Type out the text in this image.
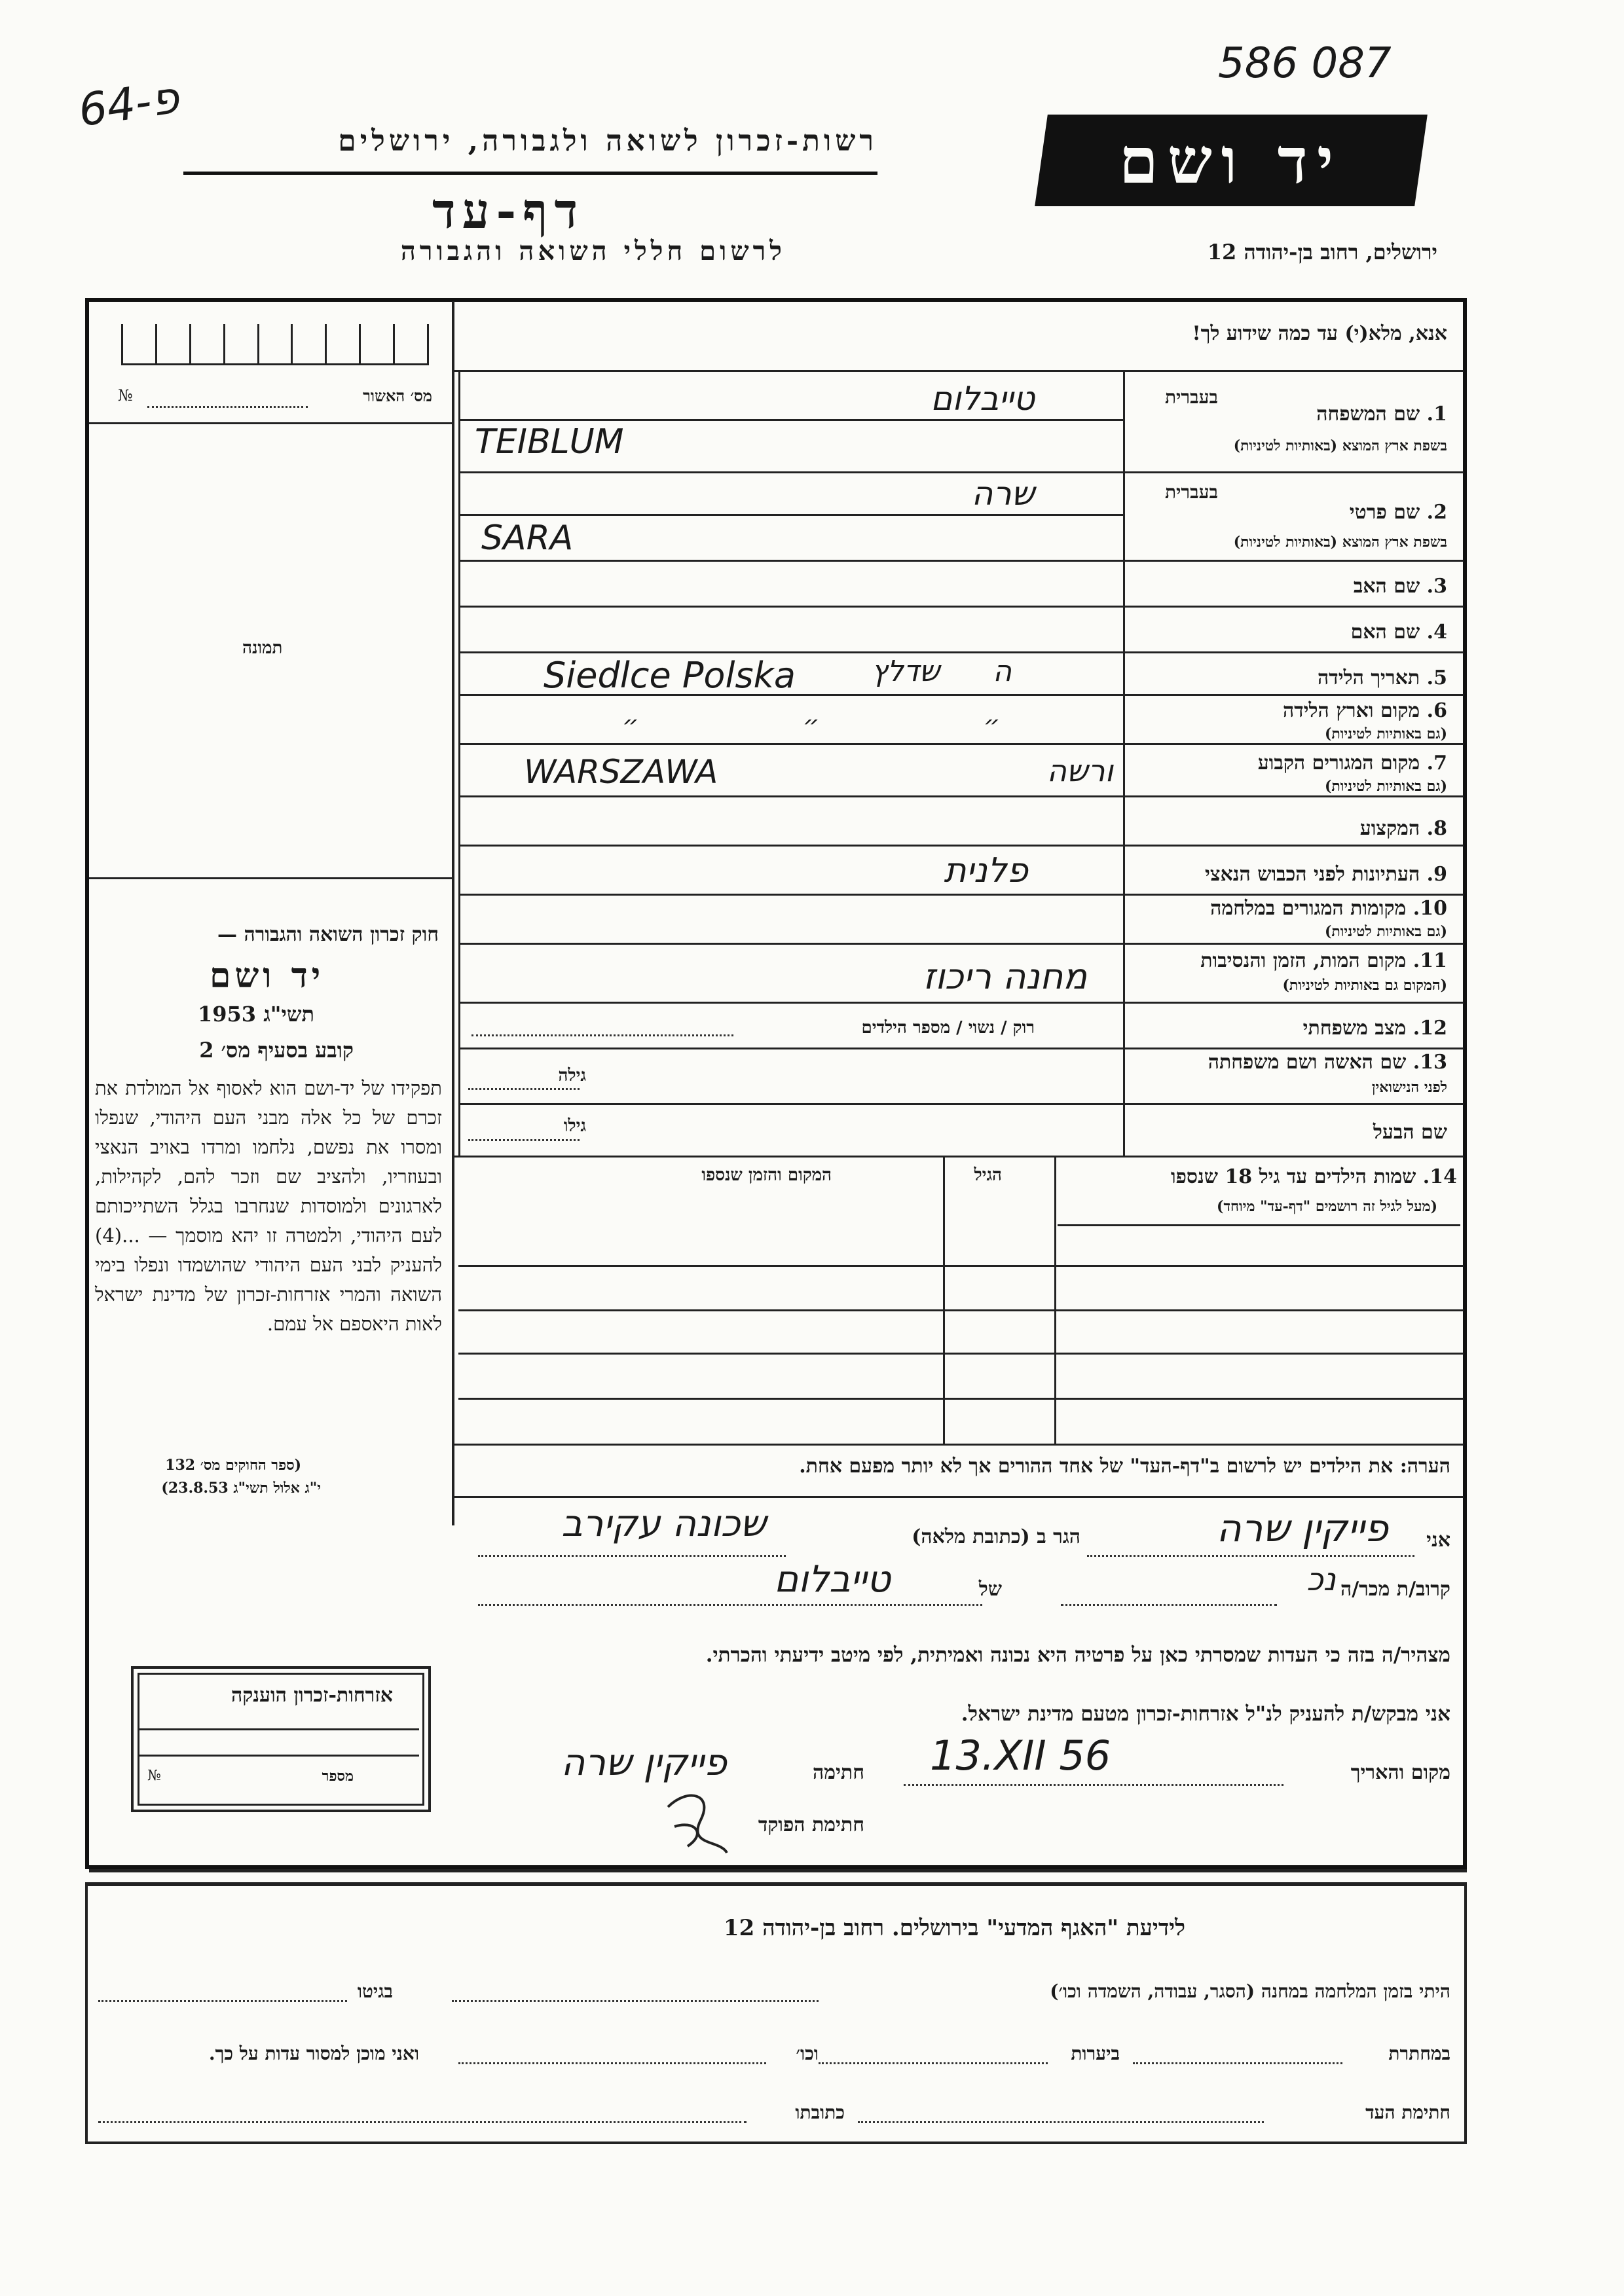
586 087
64-פ
רשות-זכרון לשואה ולגבורה, ירושלים
דף-עד
לרשום חללי השואה והגבורה
יד ושם
ירושלים, רחוב בן-יהודה 12
מס׳ האשור
№
תמונה
חוק זכרון השואה והגבורה —
יד ושם
תשי"ג 1953
קובע בסעיף מס׳ 2
תפקידו של יד-ושם הוא לאסוף אל המולדת את זכרם של כל אלה מבני העם היהודי, שנפלו ומסרו את נפשם, נלחמו ומרדו באויב הנאצי ובעוזריו, ולהציב שם וזכר להם, לקהילות, לארגונים ולמוסדות שנחרבו בגלל השתייכותם לעם היהודי, ולמטרה זו יהא מוסמך — ...(4) להעניק לבני העם היהודי שהושמדו ונפלו בימי השואה והמרי אזרחות-זכרון של מדינת ישראל לאות היאספם אל עמם.
(ספר החוקים מס׳ 132
י"ג אלול תשי"ג 23.8.53)
אזרחות-זכרון הוענקה
מספר
№
אנא, מלא(י) עד כמה שידוע לך!
בעברית
1. שם המשפחה
בשפת ארץ המוצא (באותיות לטיניות)
טייבלום
TEIBLUM
בעברית
2. שם פרטי
בשפת ארץ המוצא (באותיות לטיניות)
שרה
SARA
3. שם האב
4. שם האם
5. תאריך הלידה
ה
6. מקום וארץ הלידה
(גם באותיות לטיניות)
שדלץ
Siedlce Polska
״״״
7. מקום המגורים הקבוע
(גם באותיות לטיניות)
ורשה
WARSZAWA
8. המקצוע
9. העתיונות לפני הכבוש הנאצי
פלנית
10. מקומות המגורים במלחמה
(גם באותיות לטיניות)
11. מקום המות, הזמן והנסיבות
(המקום גם באותיות לטיניות)
מחנה ריכוז
12. מצב משפחתי
רוק / נשוי / מספר הילדים
13. שם האשה ושם משפחתה
לפני הנישואין
גילה
שם הבעל
גילו
14. שמות הילדים עד גיל 18 שנספו
(מעל לגיל זה רושמים "דף-עד" מיוחד)
הגיל
המקום והזמן שנספו
הערה: את הילדים יש לרשום ב"דף-העד" של אחד ההורים אך לא יותר מפעם אחת.
אני
פייקין שרה
הגר ב (כתובת מלאה)
שכונה עקירב
קרוב/ת מכר/ה
נכ
של
טייבלום
מצהיר/ה בזה כי העדות שמסרתי כאן על פרטיה היא נכונה ואמיתית, לפי מיטב ידיעתי והכרתי.
אני מבקש/ת להעניק לנ"ל אזרחות-זכרון מטעם מדינת ישראל.
מקום והאריך
13.XII 56
חתימה
פייקין שרה
חתימת הפוקד
לידיעת "האגף המדעי" בירושלים. רחוב בן-יהודה 12
היתי בזמן המלחמה במחנה (הסגר, עבודה, השמדה וכו׳)
בגיטו
במחתרת
ביערות
וכו׳
ואני מוכן למסור עדות על כך.
חתימת העד
כתובתו
